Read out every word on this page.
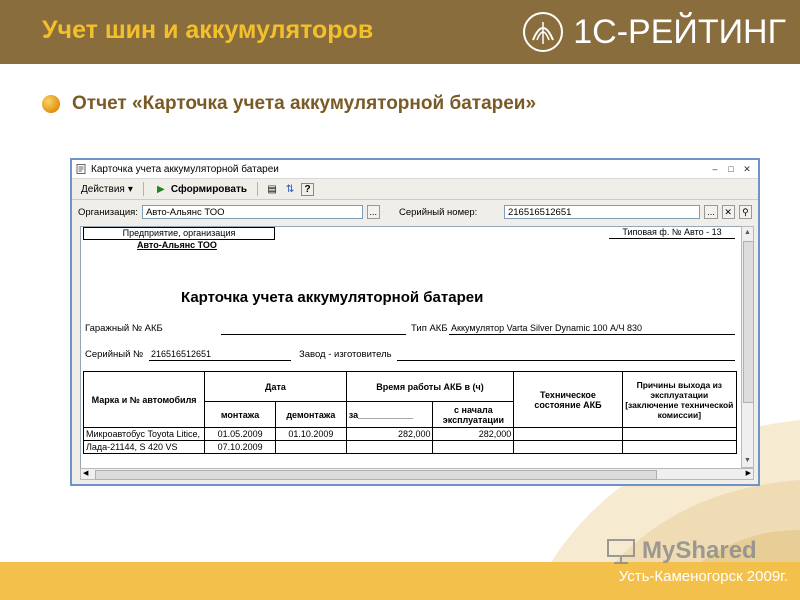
Учет шин и аккумуляторов	1С-РЕЙТИНГ
Отчет «Карточка учета аккумуляторной батареи»
Карточка учета аккумуляторной батареи	–	□	✕
Действия ▾	▶ Сформировать ▤ ⇅	?
Организация: Авто-Альянс ТОО	... Серийный номер:	216516512651	...	✕	⚲
Предприятие, организация	Типовая ф. № Авто - 13
Авто-Альянс ТОО
Карточка учета аккумуляторной батареи
Гаражный № АКБ	Тип АКБ Аккумулятор Varta Silver Dynamic 100 А/Ч 830
Серийный № 216516512651	Завод - изготовитель
Марка и № автомобиля	Дата		Время работы АКБ в (ч)		Техническое состояние АКБ	Причины выхода из эксплуатации [заключение технической комиссии]
	монтажа	демонтажа	за___________	с начала эксплуатации		
Микроавтобус Toyota Litice,	01.05.2009	01.10.2009	282,000	282,000		
Лада-21144, S 420 VS	07.10.2009					
▲
▼
◀	▶
MyShared
Усть-Каменогорск 2009г.
